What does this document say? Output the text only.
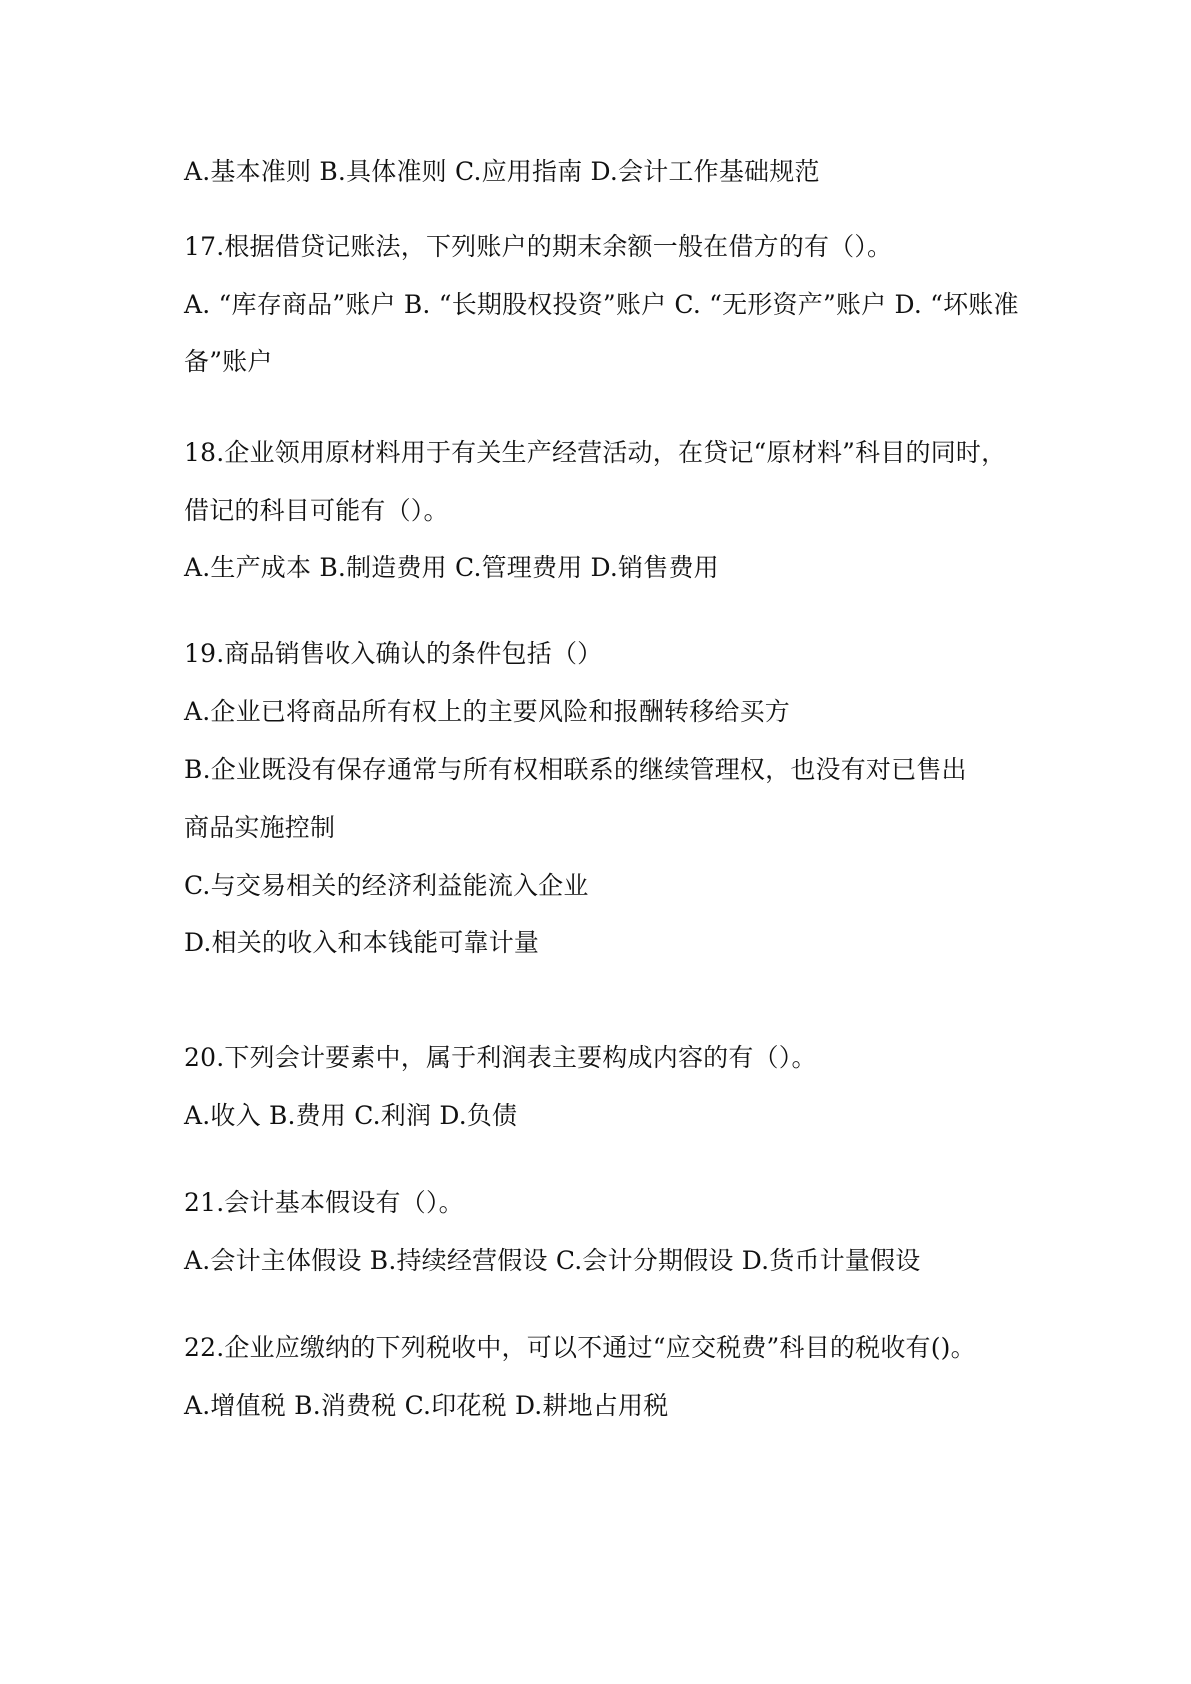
A.基本准则 B.具体准则 C.应用指南 D.会计工作基础规范
17.根据借贷记账法，下列账户的期末余额一般在借方的有（）。
A. “库存商品”账户 B. “长期股权投资”账户 C. “无形资产”账户 D. “坏账准
备”账户
18.企业领用原材料用于有关生产经营活动，在贷记“原材料”科目的同时，
借记的科目可能有（）。
A.生产成本 B.制造费用 C.管理费用 D.销售费用
19.商品销售收入确认的条件包括（）
A.企业已将商品所有权上的主要风险和报酬转移给买方
B.企业既没有保存通常与所有权相联系的继续管理权，也没有对已售出
商品实施控制
C.与交易相关的经济利益能流入企业
D.相关的收入和本钱能可靠计量
20.下列会计要素中，属于利润表主要构成内容的有（）。
A.收入 B.费用 C.利润 D.负债
21.会计基本假设有（）。
A.会计主体假设 B.持续经营假设 C.会计分期假设 D.货币计量假设
22.企业应缴纳的下列税收中，可以不通过“应交税费”科目的税收有()。
A.增值税 B.消费税 C.印花税 D.耕地占用税
